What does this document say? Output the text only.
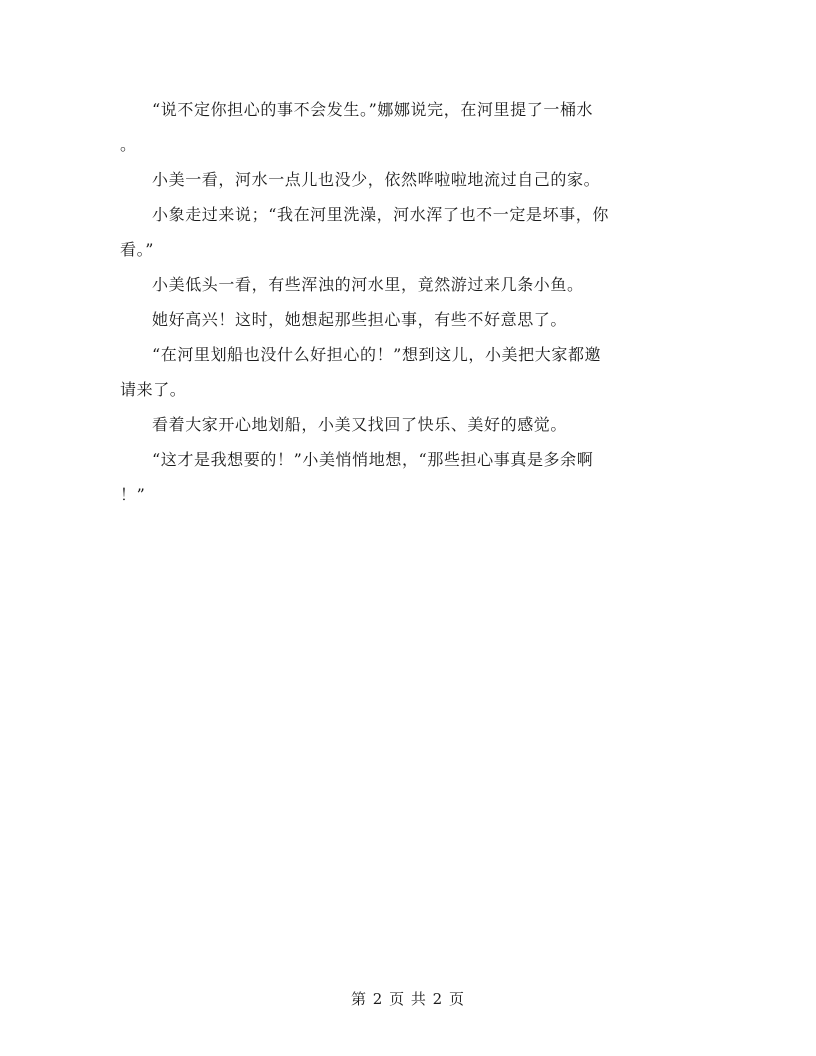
“说不定你担心的事不会发生。”娜娜说完，在河里提了一桶水
。

小美一看，河水一点儿也没少，依然哗啦啦地流过自己的家。

小象走过来说；“我在河里洗澡，河水浑了也不一定是坏事，你
看。”

小美低头一看，有些浑浊的河水里，竟然游过来几条小鱼。

她好高兴！这时，她想起那些担心事，有些不好意思了。

“在河里划船也没什么好担心的！”想到这儿，小美把大家都邀
请来了。

看着大家开心地划船，小美又找回了快乐、美好的感觉。

“这才是我想要的！”小美悄悄地想，“那些担心事真是多余啊
！”

第 2 页 共 2 页
